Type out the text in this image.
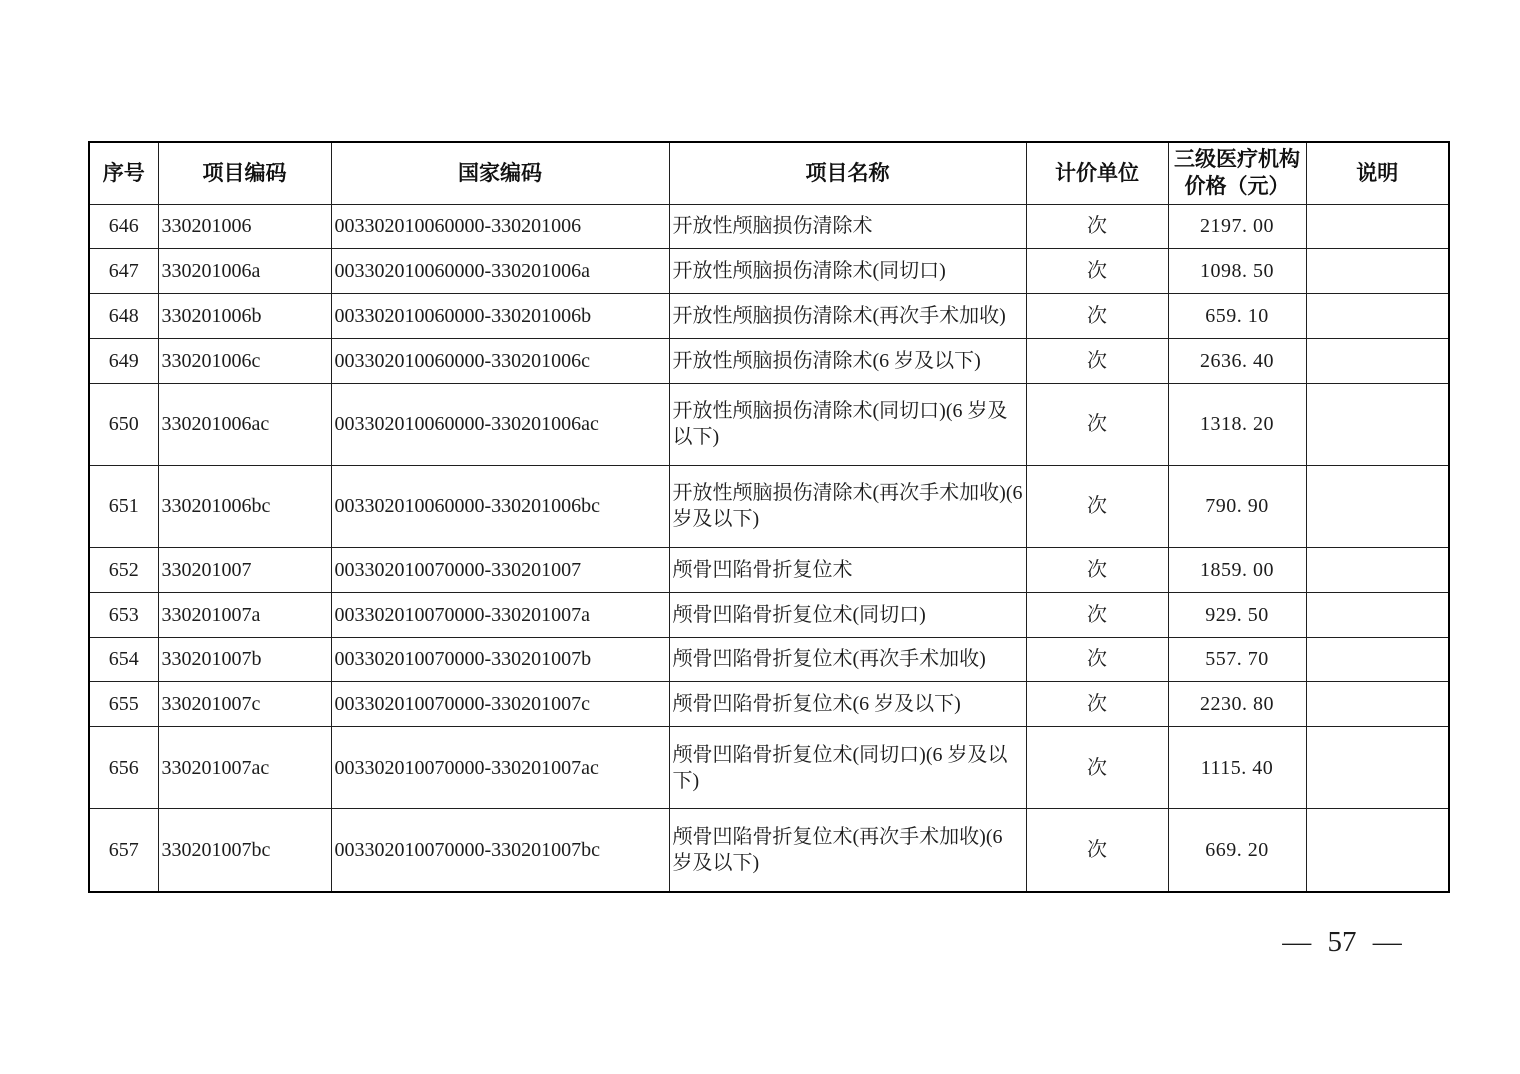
序号	项目编码	国家编码	项目名称	计价单位	三级医疗机构价格（元）	说明
646	330201006	003302010060000-330201006	开放性颅脑损伤清除术	次	2197. 00	
647	330201006a	003302010060000-330201006a	开放性颅脑损伤清除术(同切口)	次	1098. 50	
648	330201006b	003302010060000-330201006b	开放性颅脑损伤清除术(再次手术加收)	次	659. 10	
649	330201006c	003302010060000-330201006c	开放性颅脑损伤清除术(6 岁及以下)	次	2636. 40	
650	330201006ac	003302010060000-330201006ac	开放性颅脑损伤清除术(同切口)(6 岁及以下)	次	1318. 20	
651	330201006bc	003302010060000-330201006bc	开放性颅脑损伤清除术(再次手术加收)(6 岁及以下)	次	790. 90	
652	330201007	003302010070000-330201007	颅骨凹陷骨折复位术	次	1859. 00	
653	330201007a	003302010070000-330201007a	颅骨凹陷骨折复位术(同切口)	次	929. 50	
654	330201007b	003302010070000-330201007b	颅骨凹陷骨折复位术(再次手术加收)	次	557. 70	
655	330201007c	003302010070000-330201007c	颅骨凹陷骨折复位术(6 岁及以下)	次	2230. 80	
656	330201007ac	003302010070000-330201007ac	颅骨凹陷骨折复位术(同切口)(6 岁及以下)	次	1115. 40	
657	330201007bc	003302010070000-330201007bc	颅骨凹陷骨折复位术(再次手术加收)(6 岁及以下)	次	669. 20	
— 57 —
